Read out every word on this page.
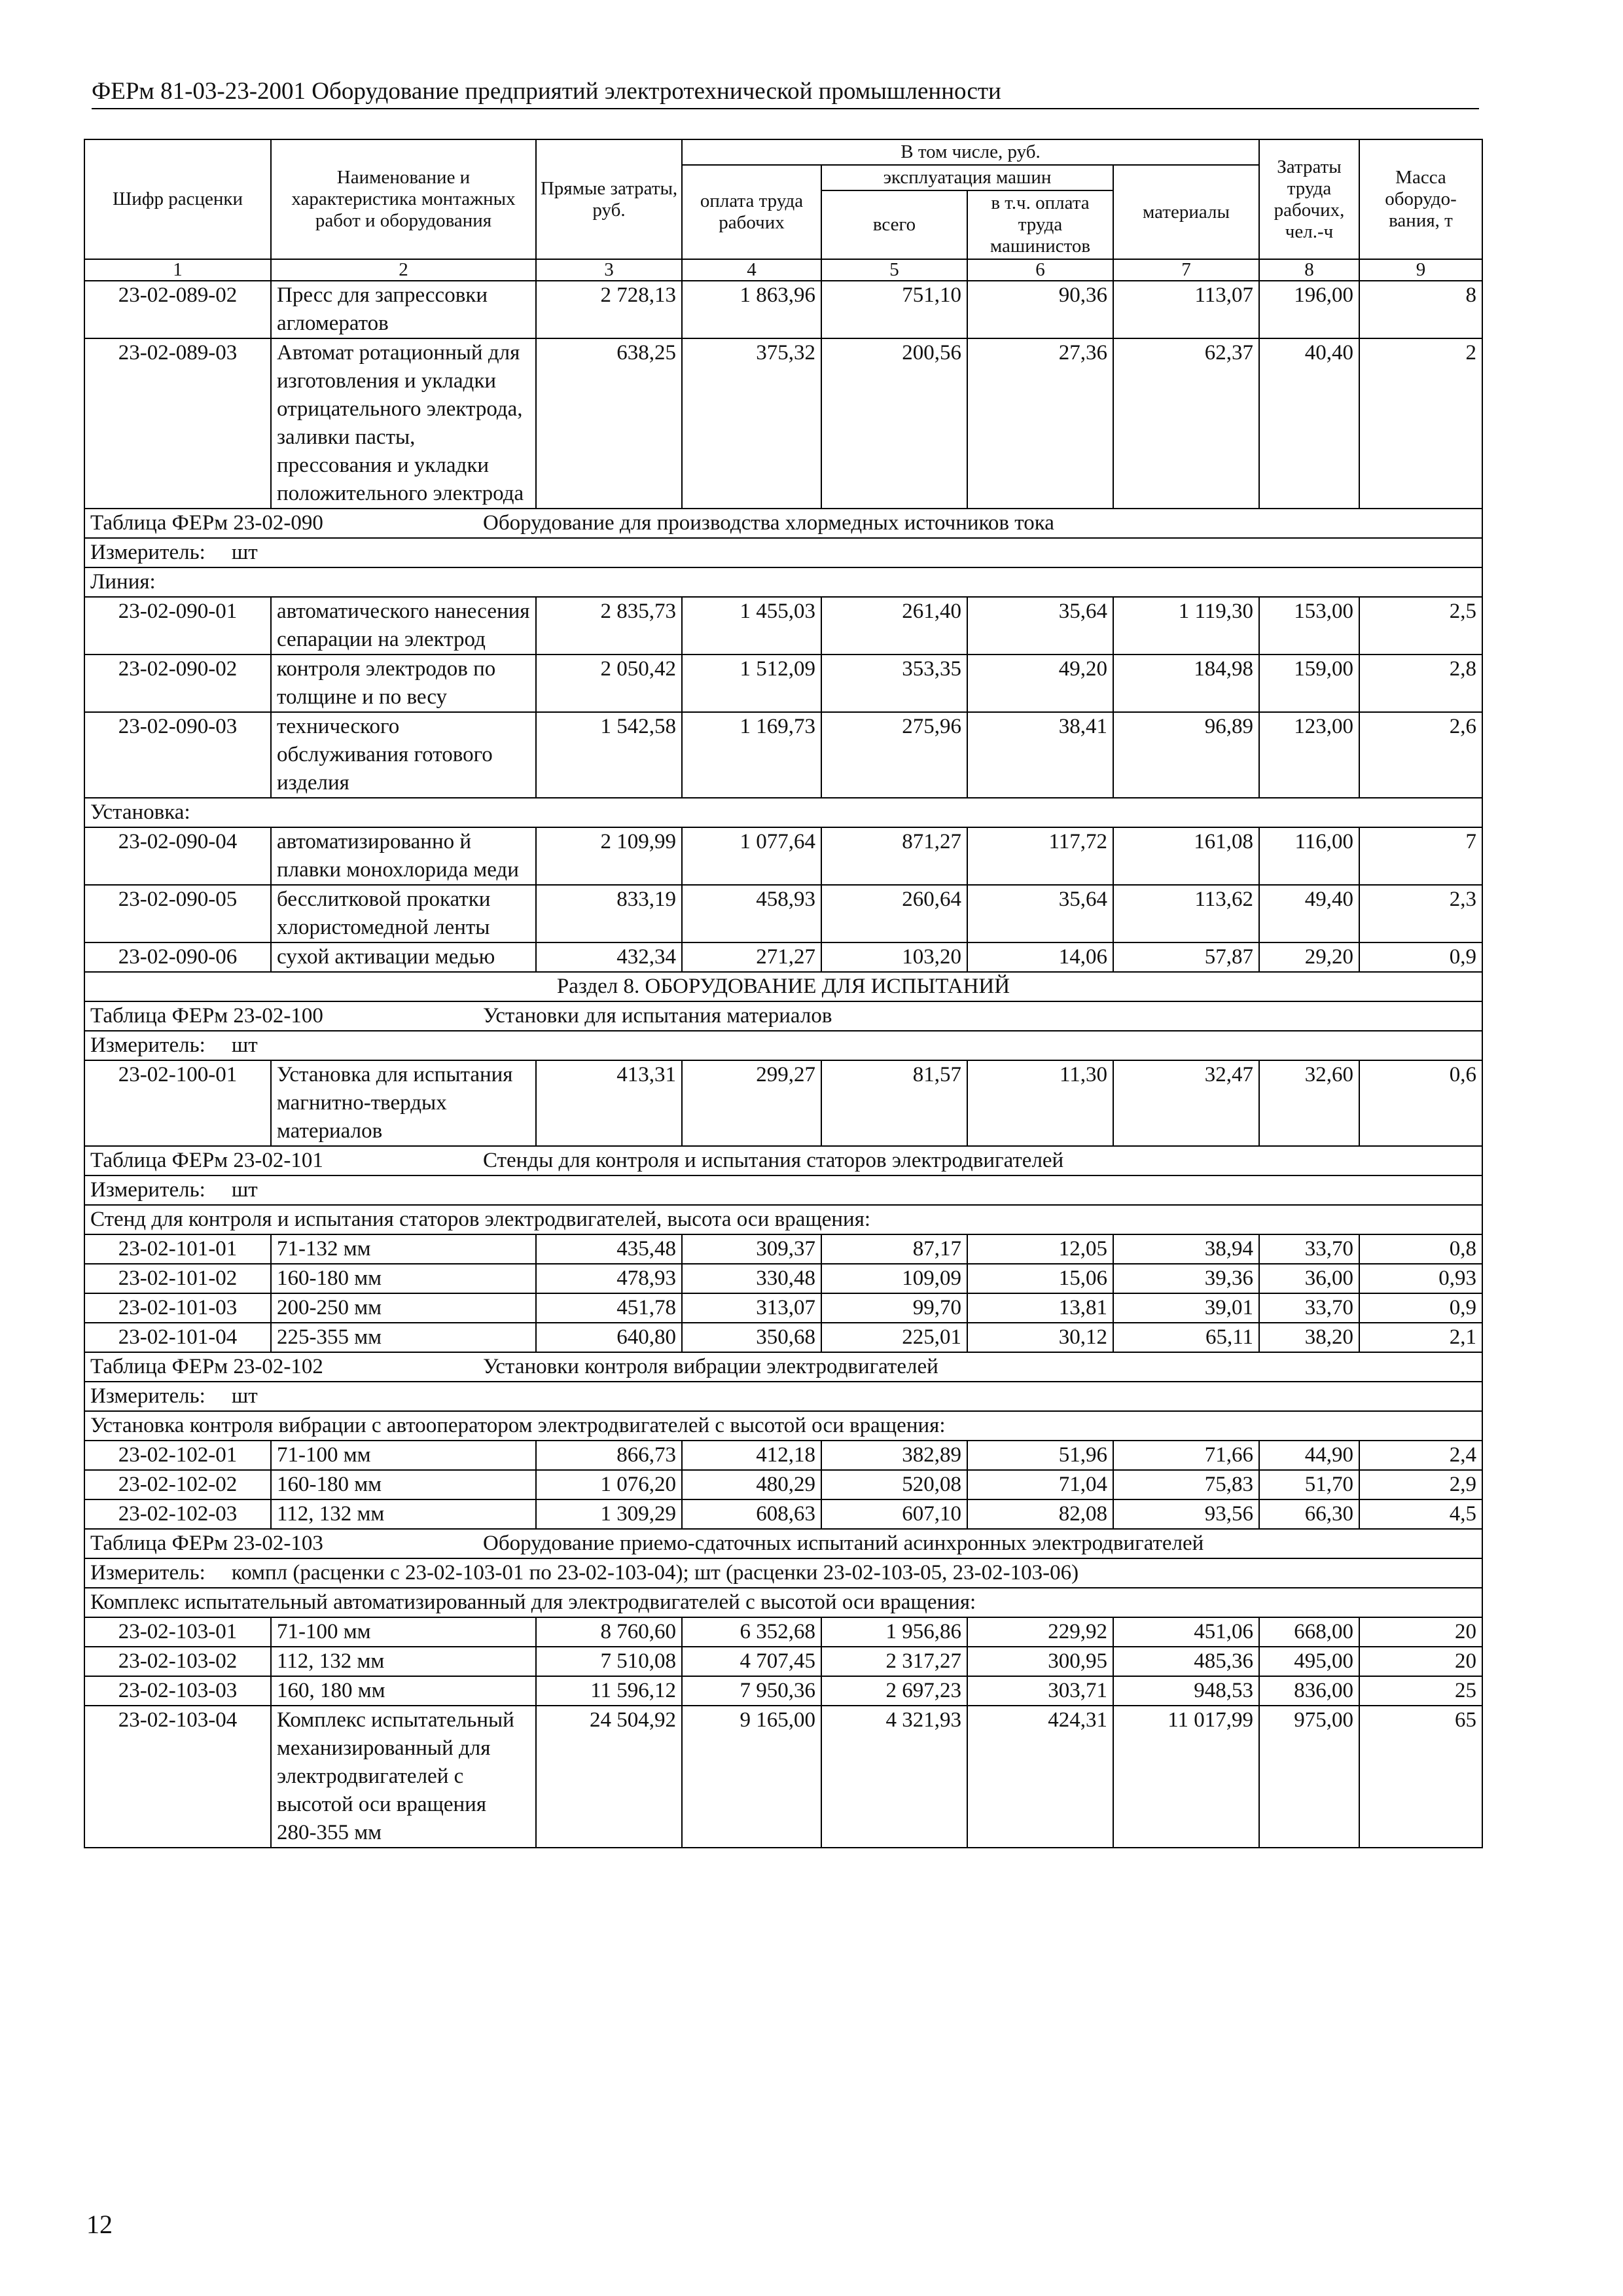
ФЕРм 81-03-23-2001 Оборудование предприятий электротехнической промышленности
Шифр расценки	Наименование и характеристика монтажных работ и оборудования	Прямые затраты, руб.	В том числе, руб.				Затраты труда рабочих, чел.-ч	Масса оборудо-вания, т
			оплата труда рабочих	эксплуатация машин		материалы		
				всего	в т.ч. оплата труда машинистов			
1	2	3	4	5	6	7	8	9
23-02-089-02	Пресс для запрессовки агломератов	2 728,13	1 863,96	751,10	90,36	113,07	196,00	8
23-02-089-03	Автомат ротационный для изготовления и укладки отрицательного электрода, заливки пасты, прессования и укладки положительного электрода	638,25	375,32	200,56	27,36	62,37	40,40	2
Таблица ФЕРм 23-02-090 Оборудование для производства хлормедных источников тока								
Измеритель: шт								
Линия:								
23-02-090-01	автоматического нанесения сепарации на электрод	2 835,73	1 455,03	261,40	35,64	1 119,30	153,00	2,5
23-02-090-02	контроля электродов по толщине и по весу	2 050,42	1 512,09	353,35	49,20	184,98	159,00	2,8
23-02-090-03	технического обслуживания готового изделия	1 542,58	1 169,73	275,96	38,41	96,89	123,00	2,6
Установка:								
23-02-090-04	автоматизированно й плавки монохлорида меди	2 109,99	1 077,64	871,27	117,72	161,08	116,00	7
23-02-090-05	бесслитковой прокатки хлористомедной ленты	833,19	458,93	260,64	35,64	113,62	49,40	2,3
23-02-090-06	сухой активации медью	432,34	271,27	103,20	14,06	57,87	29,20	0,9
Раздел 8. ОБОРУДОВАНИЕ ДЛЯ ИСПЫТАНИЙ								
Таблица ФЕРм 23-02-100 Установки для испытания материалов								
Измеритель: шт								
23-02-100-01	Установка для испытания магнитно-твердых материалов	413,31	299,27	81,57	11,30	32,47	32,60	0,6
Таблица ФЕРм 23-02-101 Стенды для контроля и испытания статоров электродвигателей								
Измеритель: шт								
Стенд для контроля и испытания статоров электродвигателей, высота оси вращения:								
23-02-101-01	71-132 мм	435,48	309,37	87,17	12,05	38,94	33,70	0,8
23-02-101-02	160-180 мм	478,93	330,48	109,09	15,06	39,36	36,00	0,93
23-02-101-03	200-250 мм	451,78	313,07	99,70	13,81	39,01	33,70	0,9
23-02-101-04	225-355 мм	640,80	350,68	225,01	30,12	65,11	38,20	2,1
Таблица ФЕРм 23-02-102 Установки контроля вибрации электродвигателей								
Измеритель: шт								
Установка контроля вибрации с автооператором электродвигателей с высотой оси вращения:								
23-02-102-01	71-100 мм	866,73	412,18	382,89	51,96	71,66	44,90	2,4
23-02-102-02	160-180 мм	1 076,20	480,29	520,08	71,04	75,83	51,70	2,9
23-02-102-03	112, 132 мм	1 309,29	608,63	607,10	82,08	93,56	66,30	4,5
Таблица ФЕРм 23-02-103 Оборудование приемо-сдаточных испытаний асинхронных электродвигателей								
Измеритель: компл (расценки с 23-02-103-01 по 23-02-103-04); шт (расценки 23-02-103-05, 23-02-103-06)								
Комплекс испытательный автоматизированный для электродвигателей с высотой оси вращения:								
23-02-103-01	71-100 мм	8 760,60	6 352,68	1 956,86	229,92	451,06	668,00	20
23-02-103-02	112, 132 мм	7 510,08	4 707,45	2 317,27	300,95	485,36	495,00	20
23-02-103-03	160, 180 мм	11 596,12	7 950,36	2 697,23	303,71	948,53	836,00	25
23-02-103-04	Комплекс испытательный механизированный для электродвигателей с высотой оси вращения 280-355 мм	24 504,92	9 165,00	4 321,93	424,31	11 017,99	975,00	65
12
